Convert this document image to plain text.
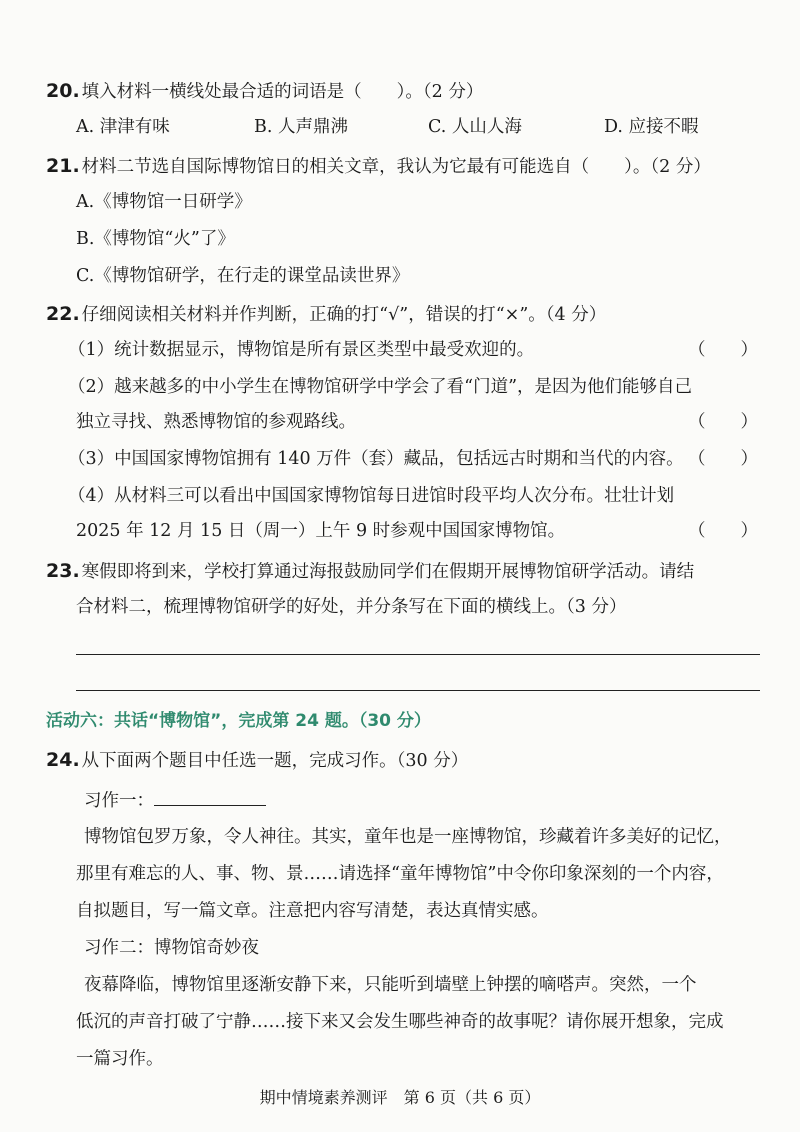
20. 填入材料一横线处最合适的词语是（　　）。（2 分）
A. 津津有味	B. 人声鼎沸	C. 人山人海	D. 应接不暇
21. 材料二节选自国际博物馆日的相关文章，我认为它最有可能选自（　　）。（2 分）
A.《博物馆一日研学》
B.《博物馆“火”了》
C.《博物馆研学，在行走的课堂品读世界》
22. 仔细阅读相关材料并作判断，正确的打“√”，错误的打“×”。（4 分）
（1）统计数据显示，博物馆是所有景区类型中最受欢迎的。	（　　）
（2）越来越多的中小学生在博物馆研学中学会了看“门道”，是因为他们能够自己
独立寻找、熟悉博物馆的参观路线。	（　　）
（3）中国国家博物馆拥有 140 万件（套）藏品，包括远古时期和当代的内容。 （　　）
（4）从材料三可以看出中国国家博物馆每日进馆时段平均人次分布。壮壮计划
2025 年 12 月 15 日（周一）上午 9 时参观中国国家博物馆。	（　　）
23. 寒假即将到来，学校打算通过海报鼓励同学们在假期开展博物馆研学活动。请结
合材料二，梳理博物馆研学的好处，并分条写在下面的横线上。（3 分）
活动六：共话“博物馆”，完成第 24 题。（30 分）
24. 从下面两个题目中任选一题，完成习作。（30 分）
习作一：
博物馆包罗万象，令人神往。其实，童年也是一座博物馆，珍藏着许多美好的记忆，
那里有难忘的人、事、物、景……请选择“童年博物馆”中令你印象深刻的一个内容，
自拟题目，写一篇文章。注意把内容写清楚，表达真情实感。
习作二：博物馆奇妙夜
夜幕降临，博物馆里逐渐安静下来，只能听到墙壁上钟摆的嘀嗒声。突然，一个
低沉的声音打破了宁静……接下来又会发生哪些神奇的故事呢？请你展开想象，完成
一篇习作。
期中情境素养测评　第 6 页（共 6 页）
